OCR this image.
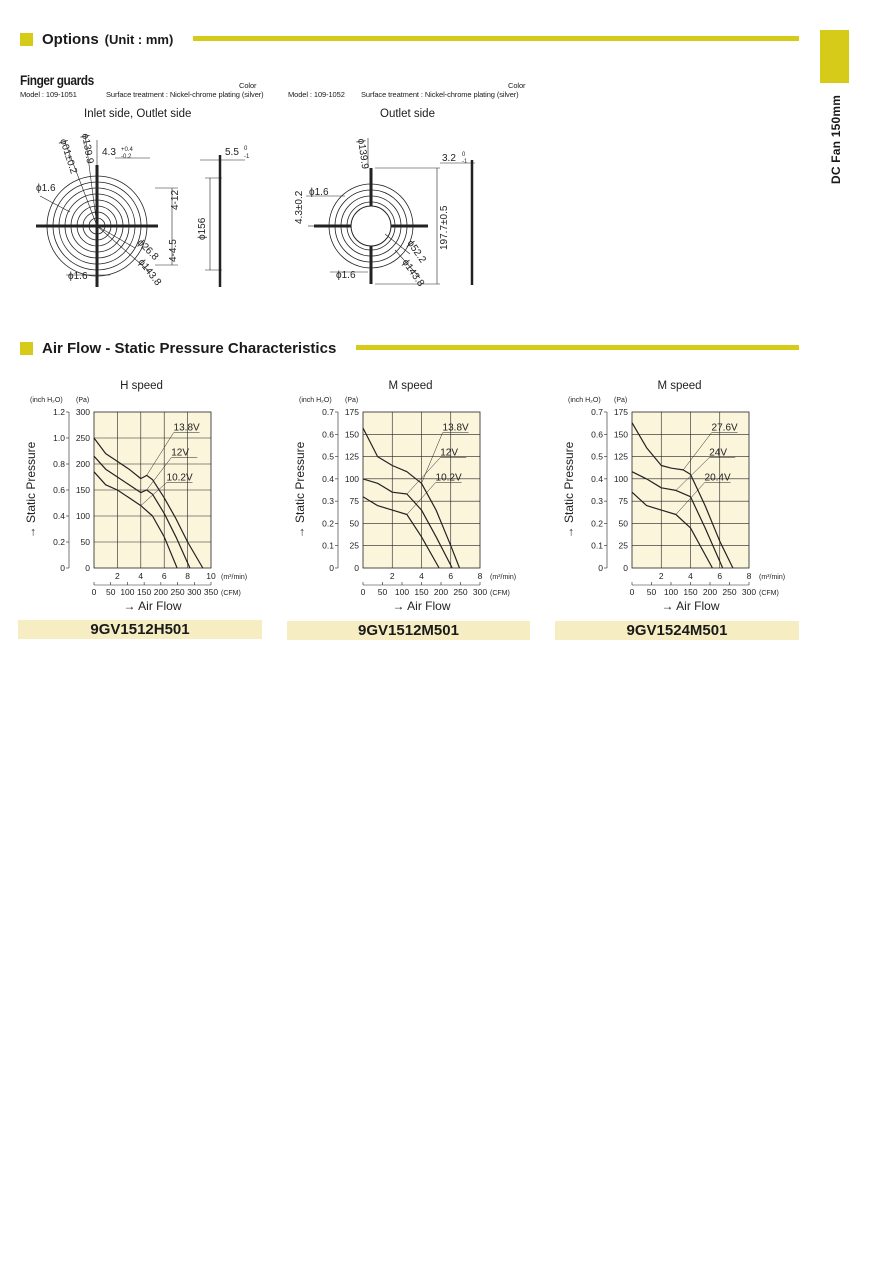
Options (Unit : mm)
DC Fan 150mm
Finger guards
Model : 109-1051	Surface treatment : Nickel-chrome plating (silver)
Color
Inlet side, Outlet side
Model : 109-1052 Surface treatment : Nickel-chrome plating (silver)
Color
Outlet side
ϕ139.9
ϕ01±0.2 4.3 +0.4
-0.2
ϕ1.6
ϕ1.6
ϕ26.8
ϕ143.8
5.5 0
-1
4-12
ϕ156
4-4.5
ϕ139.9
ϕ1.6
4.3±0.2
ϕ1.6
ϕ52.2
ϕ143.8
3.2 0
-1
197.7±0.5
Air Flow - Static Pressure Characteristics
H speed
(inch H₂O) (Pa)
0
50
100
150
200
250
300
0
0.2
0.4
0.6
0.8
1.0
1.2
2 4 6 8 10 (m³/min)
0 50 100 150 200 250 300 350 (CFM)
→ Air Flow
→ Static Pressure
13.8V
12V
10.2V
M speed
(inch H₂O) (Pa)
0
25
50
75
100
125
150
175
0
0.1
0.2
0.3
0.4
0.5
0.6
0.7
2	4	6	8 (m³/min)
0 50 100 150 200 250 300 (CFM)
→ Air Flow
→ Static Pressure
13.8V
12V
10.2V
M speed
(inch H₂O) (Pa)
0
25
50
75
100
125
150
175
0
0.1
0.2
0.3
0.4
0.5
0.6
0.7
2	4	6	8 (m³/min)
0 50 100 150 200 250 300 (CFM)
→ Air Flow
→ Static Pressure
27.6V
24V
20.4V
9GV1512H501	9GV1512M501	9GV1524M501
